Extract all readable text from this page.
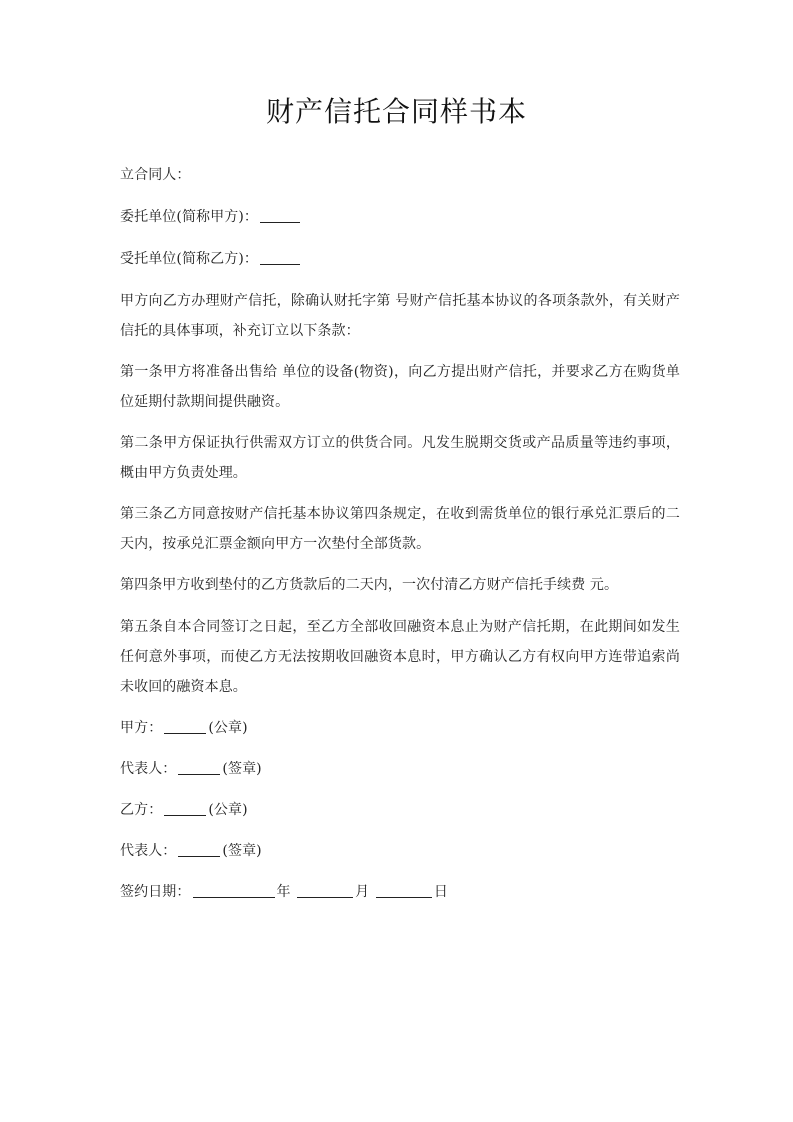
财产信托合同样书本

立合同人：

委托单位(简称甲方)：

受托单位(简称乙方)：

甲方向乙方办理财产信托，除确认财托字第 号财产信托基本协议的各项条款外，有关财产信托的具体事项，补充订立以下条款：

第一条甲方将准备出售给 单位的设备(物资)，向乙方提出财产信托，并要求乙方在购货单位延期付款期间提供融资。

第二条甲方保证执行供需双方订立的供货合同。凡发生脱期交货或产品质量等违约事项，概由甲方负责处理。

第三条乙方同意按财产信托基本协议第四条规定，在收到需货单位的银行承兑汇票后的二天内，按承兑汇票金额向甲方一次垫付全部货款。

第四条甲方收到垫付的乙方货款后的二天内，一次付清乙方财产信托手续费 元。

第五条自本合同签订之日起，至乙方全部收回融资本息止为财产信托期，在此期间如发生任何意外事项，而使乙方无法按期收回融资本息时，甲方确认乙方有权向甲方连带追索尚未收回的融资本息。

甲方：	(公章)

代表人：	(签章)

乙方：	(公章)

代表人：	(签章)

签约日期：	年	月	日
